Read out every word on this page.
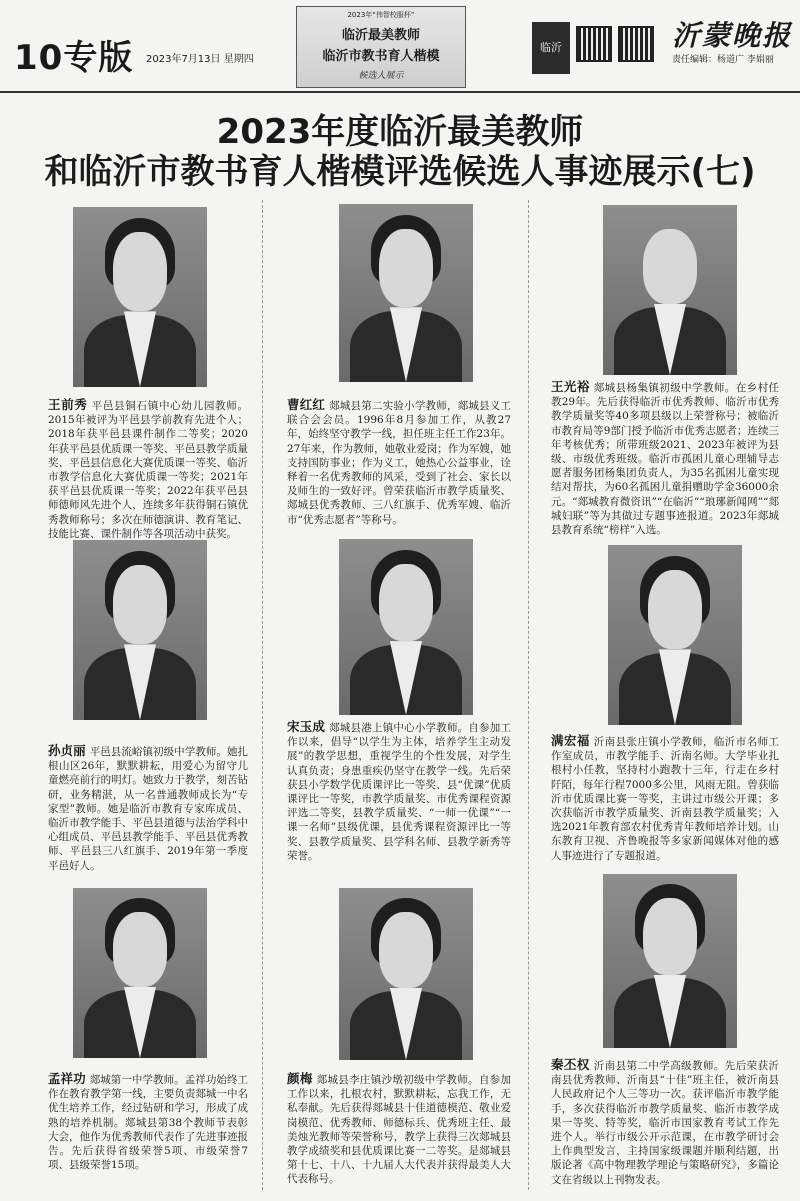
10专版 2023年7月13日 星期四
2023年“伟智校服杯”
临沂最美教师
临沂市教书育人楷模
候选人展示
临沂	沂蒙晚报
责任编辑：杨道广 李娟丽
2023年度临沂最美教师
和临沂市教书育人楷模评选候选人事迹展示(七)
王前秀 平邑县铜石镇中心幼儿园教师。2015年被评为平邑县学前教育先进个人；2018年获平邑县课件制作二等奖；2020年获平邑县优质课一等奖、平邑县教学质量奖、平邑县信息化大赛优质课一等奖、临沂市教学信息化大赛优质课一等奖；2021年获平邑县优质课一等奖；2022年获平邑县师德师风先进个人，连续多年获得铜石镇优秀教师称号；多次在师德演讲、教育笔记、技能比赛、课件制作等各项活动中获奖。
曹红红 郯城县第二实验小学教师，郯城县义工联合会会员。1996年8月参加工作，从教27年，始终坚守教学一线，担任班主任工作23年。27年来，作为教师，她敬业爱岗；作为军嫂，她支持国防事业；作为义工，她热心公益事业，诠释着一名优秀教师的风采，受到了社会、家长以及师生的一致好评。曾荣获临沂市教学质量奖、郯城县优秀教师、三八红旗手、优秀军嫂、临沂市“优秀志愿者”等称号。
王光裕 郯城县杨集镇初级中学教师。在乡村任教29年。先后获得临沂市优秀教师、临沂市优秀教学质量奖等40多项县级以上荣誉称号；被临沂市教育局等9部门授予临沂市优秀志愿者；连续三年考核优秀；所带班级2021、2023年被评为县级、市级优秀班级。临沂市孤困儿童心理辅导志愿者服务团杨集团负责人，为35名孤困儿童实现结对帮扶，为60名孤困儿童捐赠助学金36000余元。“郯城教育微资讯”“在临沂”“琅琊新闻网”“郯城妇联”等为其做过专题事迹报道。2023年郯城县教育系统“榜样”入选。
孙贞丽 平邑县流峪镇初级中学教师。她扎根山区26年，默默耕耘，用爱心为留守儿童燃亮前行的明灯。她致力于教学，刻苦钻研，业务精湛，从一名普通教师成长为“专家型”教师。她是临沂市教育专家库成员、临沂市教学能手、平邑县道德与法治学科中心组成员、平邑县教学能手、平邑县优秀教师、平邑县三八红旗手、2019年第一季度平邑好人。
宋玉成 郯城县港上镇中心小学教师。自参加工作以来，倡导“以学生为主体，培养学生主动发展”的教学思想，重视学生的个性发展，对学生认真负责；身患重疾仍坚守在教学一线。先后荣获县小学数学优质课评比一等奖、县“优课”优质课评比一等奖，市教学质量奖、市优秀课程资源评选二等奖，县教学质量奖、“一师一优课”“一课一名师”县级优课，县优秀课程资源评比一等奖、县教学质量奖、县学科名师、县教学新秀等荣誉。
满宏福 沂南县张庄镇小学教师，临沂市名师工作室成员，市教学能手、沂南名师。大学毕业扎根村小任教，坚持村小跑教十三年，行走在乡村阡陌，每年行程7000多公里，风雨无阻。曾获临沂市优质课比赛一等奖，主讲过市级公开课；多次获临沂市教学质量奖、沂南县教学质量奖；入选2021年教育部农村优秀青年教师培养计划。山东教育卫视、齐鲁晚报等多家新闻媒体对他的感人事迹进行了专题报道。
孟祥功 郯城第一中学教师。孟祥功始终工作在教育教学第一线，主要负责郯城一中名优生培养工作，经过钻研和学习，形成了成熟的培养机制。郯城县第38个教师节表彰大会，他作为优秀教师代表作了先进事迹报告。先后获得省级荣誉5项、市级荣誉7项、县级荣誉15项。
颜梅 郯城县李庄镇沙墩初级中学教师。自参加工作以来，扎根农村，默默耕耘，忘我工作，无私奉献。先后获得郯城县十佳道德模范、敬业爱岗模范、优秀教师、师德标兵、优秀班主任、最美烛光教师等荣誉称号，教学上获得三次郯城县教学成绩奖和县优质课比赛一二等奖。是郯城县第十七、十八、十九届人大代表并获得最美人大代表称号。
秦丕权 沂南县第二中学高级教师。先后荣获沂南县优秀教师、沂南县“十佳”班主任，被沂南县人民政府记个人三等功一次。获评临沂市教学能手，多次获得临沂市教学质量奖、临沂市教学成果一等奖、特等奖，临沂市国家教育考试工作先进个人。举行市级公开示范课，在市教学研讨会上作典型发言，主持国家级课题并顺利结题，出版论著《高中物理教学理论与策略研究》，多篇论文在省级以上刊物发表。
